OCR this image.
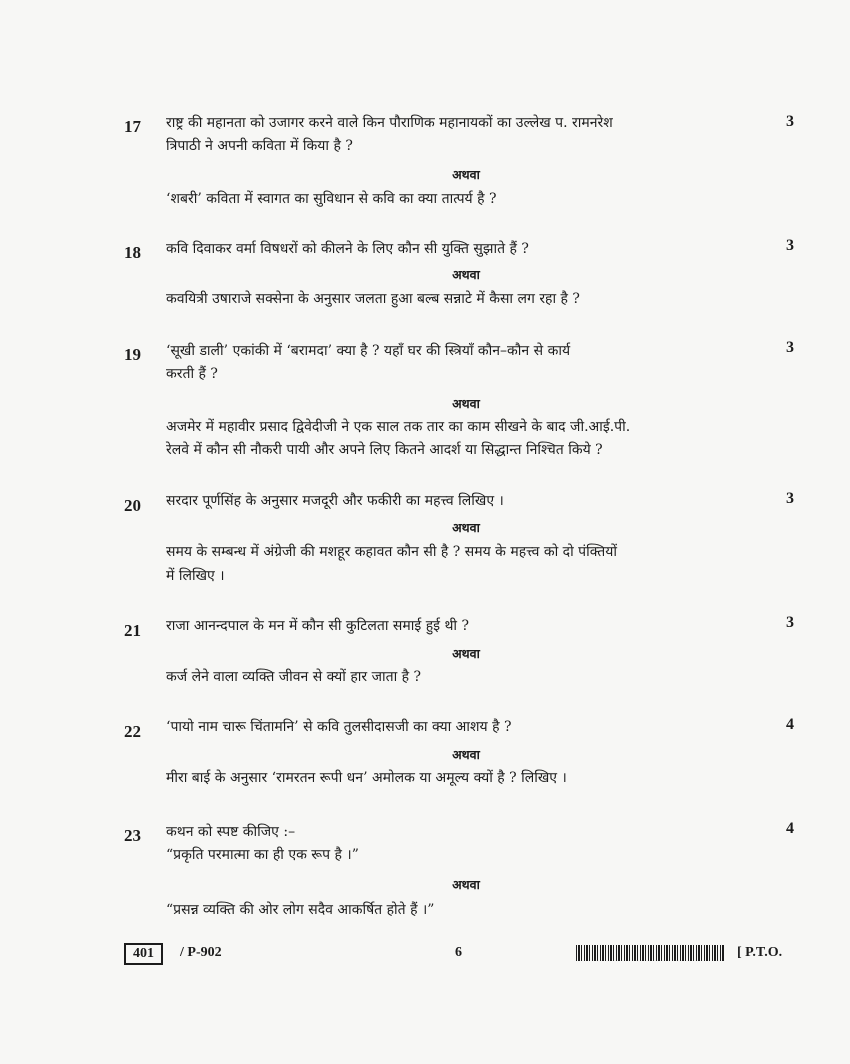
17	राष्ट्र की महानता को उजागर करने वाले किन पौराणिक महानायकों का उल्लेख प. रामनरेश	3
त्रिपाठी ने अपनी कविता में किया है ?
अथवा
‘शबरी’ कविता में स्वागत का सुविधान से कवि का क्या तात्पर्य है ?
18	कवि दिवाकर वर्मा विषधरों को कीलने के लिए कौन सी युक्ति सुझाते हैं ?	3
अथवा
कवयित्री उषाराजे सक्सेना के अनुसार जलता हुआ बल्ब सन्नाटे में कैसा लग रहा है ?
19	‘सूखी डाली’ एकांकी में ‘बरामदा’ क्या है ? यहाँ घर की स्त्रियाँ कौन–कौन से कार्य	3
करती हैं ?
अथवा
अजमेर में महावीर प्रसाद द्विवेदीजी ने एक साल तक तार का काम सीखने के बाद जी.आई.पी.
रेलवे में कौन सी नौकरी पायी और अपने लिए कितने आदर्श या सिद्धान्त निश्चित किये ?
20	सरदार पूर्णसिंह के अनुसार मजदूरी और फकीरी का महत्त्व लिखिए ।	3
अथवा
समय के सम्बन्ध में अंग्रेजी की मशहूर कहावत कौन सी है ? समय के महत्त्व को दो पंक्तियों
में लिखिए ।
21	राजा आनन्दपाल के मन में कौन सी कुटिलता समाई हुई थी ?	3
अथवा
कर्ज लेने वाला व्यक्ति जीवन से क्यों हार जाता है ?
22	‘पायो नाम चारू चिंतामनि’ से कवि तुलसीदासजी का क्या आशय है ?	4
अथवा
मीरा बाई के अनुसार ‘रामरतन रूपी धन’ अमोलक या अमूल्य क्यों है ? लिखिए ।
23	कथन को स्पष्ट कीजिए :–	4
“प्रकृति परमात्मा का ही एक रूप है ।”
अथवा
“प्रसन्न व्यक्ति की ओर लोग सदैव आकर्षित होते हैं ।”
401	/ P-902	6	[ P.T.O.
